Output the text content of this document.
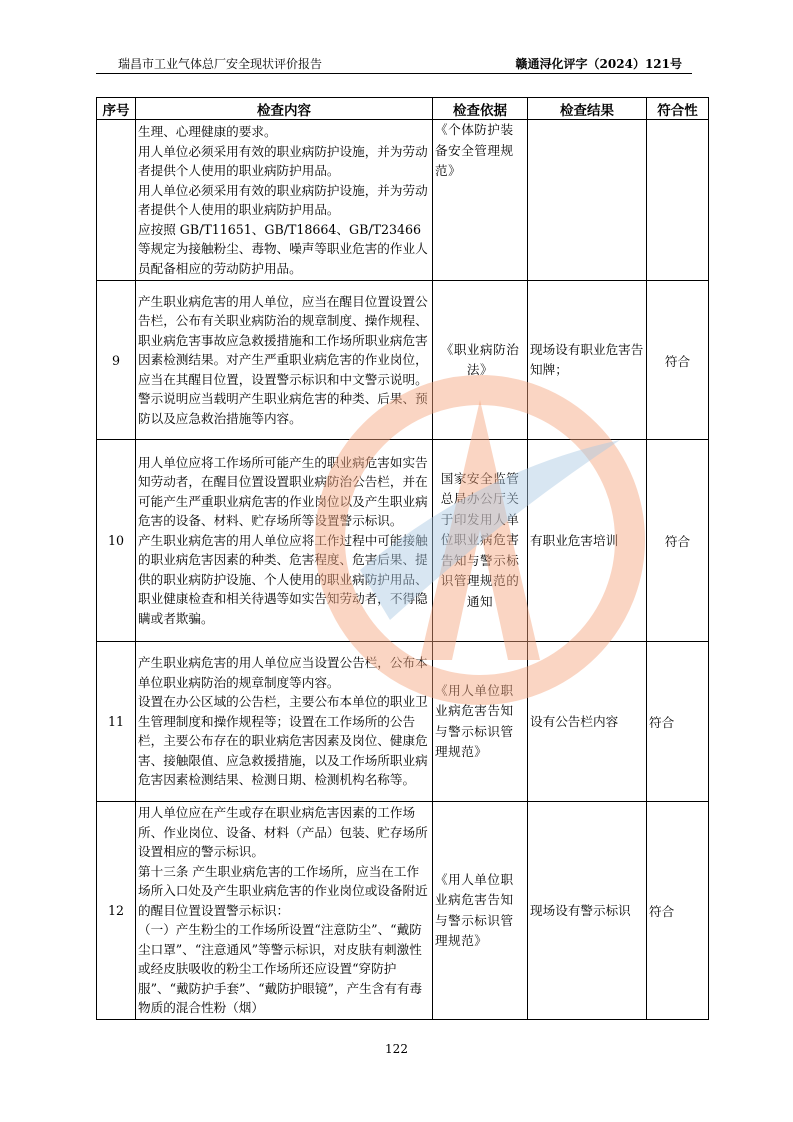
瑞昌市工业气体总厂安全现状评价报告	赣通浔化评字（2024）121号
序号	检查内容	检查依据	检查结果	符合性

	生理、心理健康的要求。

用人单位必须采用有效的职业病防护设施，并为劳动者提供个人使用的职业病防护用品。

用人单位必须采用有效的职业病防护设施，并为劳动者提供个人使用的职业病防护用品。

应按照 GB/T11651、GB/T18664、GB/T23466 等规定为接触粉尘、毒物、噪声等职业危害的作业人员配备相应的劳动防护用品。	《个体防护装备安全管理规范》		
9	产生职业病危害的用人单位，应当在醒目位置设置公告栏，公布有关职业病防治的规章制度、操作规程、职业病危害事故应急救援措施和工作场所职业病危害因素检测结果。对产生严重职业病危害的作业岗位，应当在其醒目位置，设置警示标识和中文警示说明。警示说明应当载明产生职业病危害的种类、后果、预防以及应急救治措施等内容。	《职业病防治法》	现场设有职业危害告知牌；	符合
10	用人单位应将工作场所可能产生的职业病危害如实告知劳动者，在醒目位置设置职业病防治公告栏，并在可能产生严重职业病危害的作业岗位以及产生职业病危害的设备、材料、贮存场所等设置警示标识。

产生职业病危害的用人单位应将工作过程中可能接触的职业病危害因素的种类、危害程度、危害后果、提供的职业病防护设施、个人使用的职业病防护用品、职业健康检查和相关待遇等如实告知劳动者，不得隐瞒或者欺骗。	国家安全监管总局办公厅关于印发用人单位职业病危害告知与警示标识管理规范的通知	有职业危害培训	符合
11	产生职业病危害的用人单位应当设置公告栏，公布本单位职业病防治的规章制度等内容。

设置在办公区域的公告栏，主要公布本单位的职业卫生管理制度和操作规程等；设置在工作场所的公告栏，主要公布存在的职业病危害因素及岗位、健康危害、接触限值、应急救援措施，以及工作场所职业病危害因素检测结果、检测日期、检测机构名称等。	《用人单位职业病危害告知与警示标识管理规范》	设有公告栏内容	符合
12	用人单位应在产生或存在职业病危害因素的工作场所、作业岗位、设备、材料（产品）包装、贮存场所设置相应的警示标识。

第十三条 产生职业病危害的工作场所，应当在工作场所入口处及产生职业病危害的作业岗位或设备附近的醒目位置设置警示标识：

（一）产生粉尘的工作场所设置“注意防尘”、“戴防尘口罩”、“注意通风”等警示标识，对皮肤有刺激性或经皮肤吸收的粉尘工作场所还应设置“穿防护服”、“戴防护手套”、“戴防护眼镜”，产生含有有毒物质的混合性粉（烟）	《用人单位职业病危害告知与警示标识管理规范》	现场设有警示标识	符合
122
